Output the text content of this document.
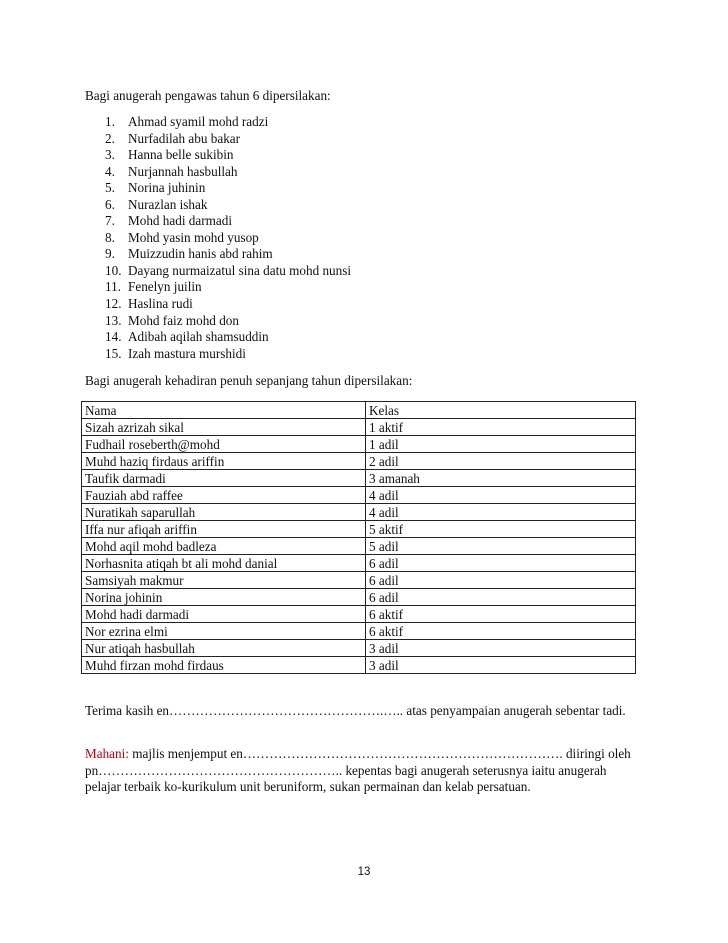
Bagi anugerah pengawas tahun 6 dipersilakan:
1. Ahmad syamil mohd radzi
2. Nurfadilah abu bakar
3. Hanna belle sukibin
4. Nurjannah hasbullah
5. Norina juhinin
6. Nurazlan ishak
7. Mohd hadi darmadi
8. Mohd yasin mohd yusop
9. Muizzudin hanis abd rahim
10. Dayang nurmaizatul sina datu mohd nunsi
11. Fenelyn juilin
12. Haslina rudi
13. Mohd faiz mohd don
14. Adibah aqilah shamsuddin
15. Izah mastura murshidi
Bagi anugerah kehadiran penuh sepanjang tahun dipersilakan:
Nama	Kelas
Sizah azrizah sikal	1 aktif
Fudhail roseberth@mohd	1 adil
Muhd haziq firdaus ariffin	2 adil
Taufik darmadi	3 amanah
Fauziah abd raffee	4 adil
Nuratikah saparullah	4 adil
Iffa nur afiqah ariffin	5 aktif
Mohd aqil mohd badleza	5 adil
Norhasnita atiqah bt ali mohd danial	6 adil
Samsiyah makmur	6 adil
Norina johinin	6 adil
Mohd hadi darmadi	6 aktif
Nor ezrina elmi	6 aktif
Nur atiqah hasbullah	3 adil
Muhd firzan mohd firdaus	3 adil
Terima kasih en………………………………………….….. atas penyampaian anugerah sebentar tadi.
Mahani: majlis menjemput en………………………………………………………………. diiringi oleh pn……………………………………………….. kepentas bagi anugerah seterusnya iaitu anugerah pelajar terbaik ko-kurikulum unit beruniform, sukan permainan dan kelab persatuan.
13
